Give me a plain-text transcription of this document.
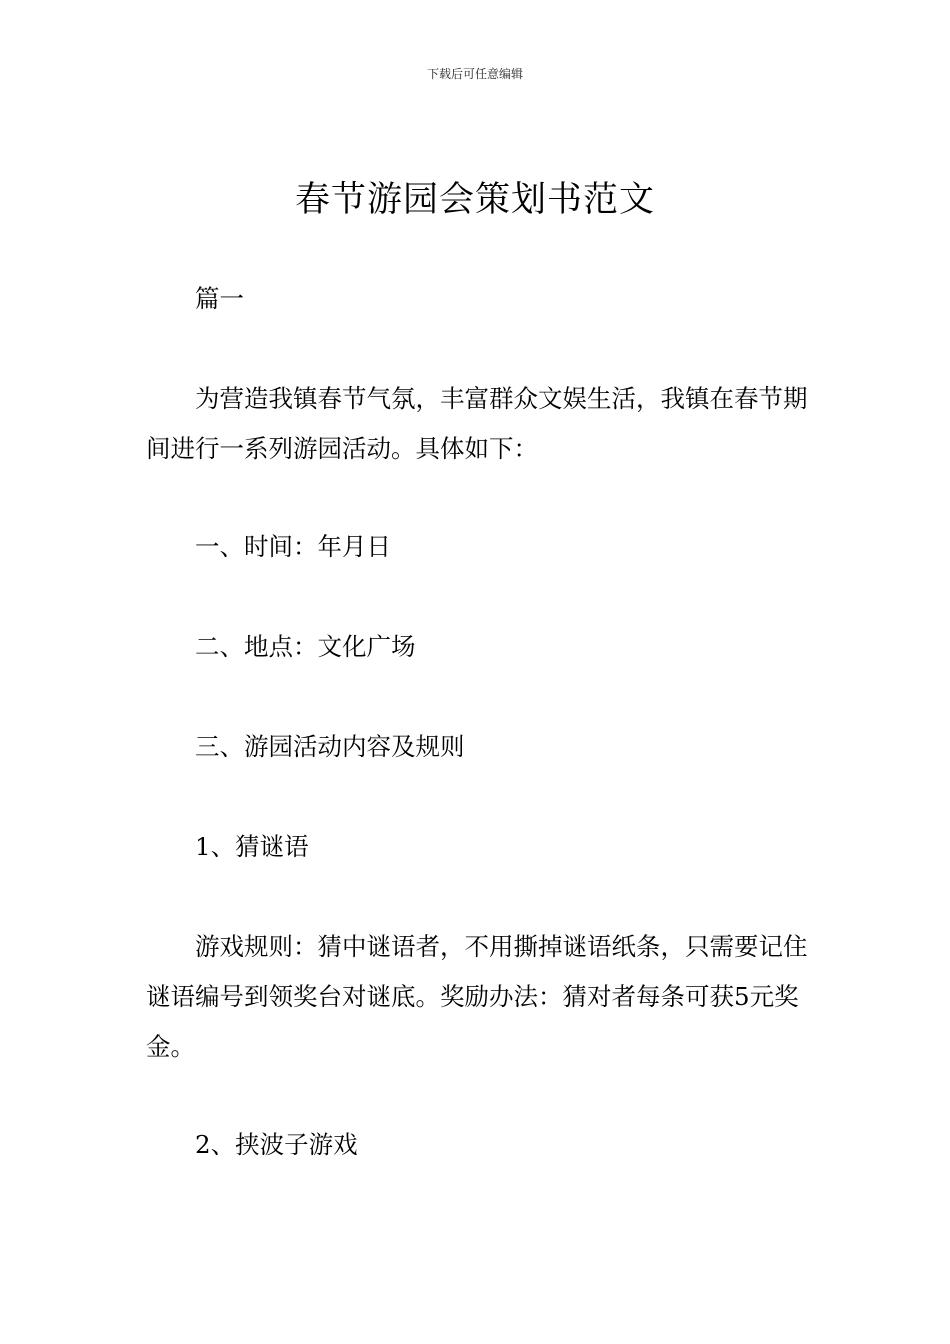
下载后可任意编辑
春节游园会策划书范文
篇一
为营造我镇春节气氛，丰富群众文娱生活，我镇在春节期间进行一系列游园活动。具体如下：
一、时间：年月日
二、地点：文化广场
三、游园活动内容及规则
1、猜谜语
游戏规则：猜中谜语者，不用撕掉谜语纸条，只需要记住谜语编号到领奖台对谜底。奖励办法：猜对者每条可获5元奖金。
2、挟波子游戏
